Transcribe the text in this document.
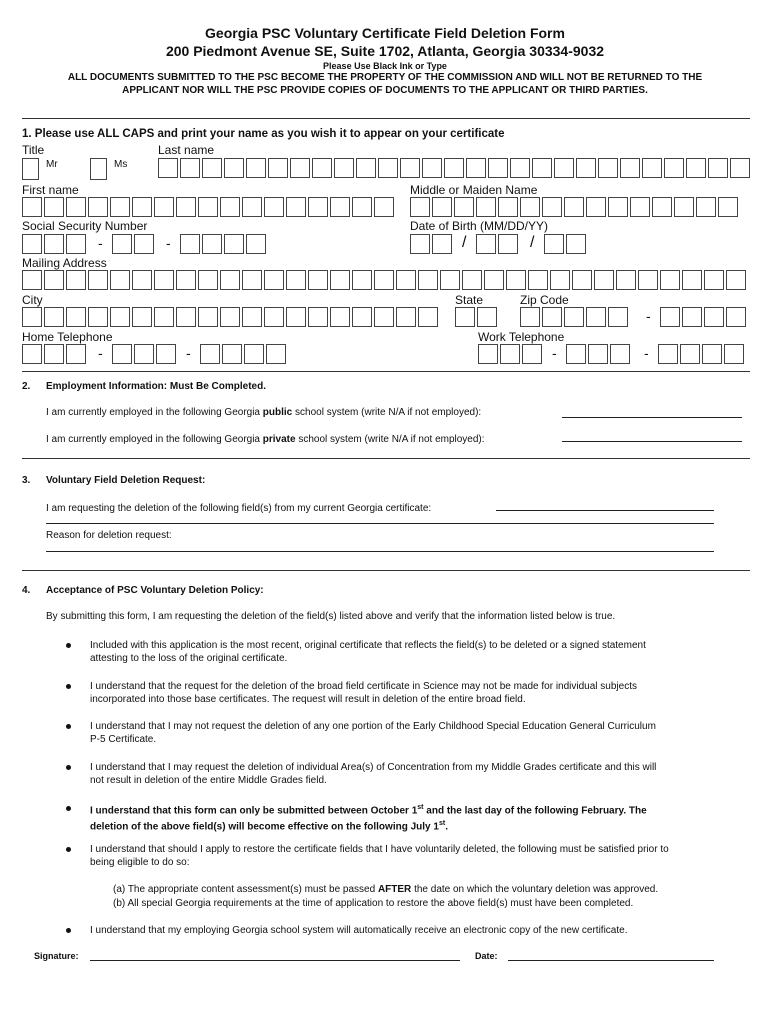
Georgia PSC Voluntary Certificate Field Deletion Form
200 Piedmont Avenue SE, Suite 1702, Atlanta, Georgia 30334-9032
Please Use Black Ink or Type
ALL DOCUMENTS SUBMITTED TO THE PSC BECOME THE PROPERTY OF THE COMMISSION AND WILL NOT BE RETURNED TO THE
APPLICANT NOR WILL THE PSC PROVIDE COPIES OF DOCUMENTS TO THE APPLICANT OR THIRD PARTIES.
1. Please use ALL CAPS and print your name as you wish it to appear on your certificate
Title	Last name
Mr	Ms
First name	Middle or Maiden Name
Social Security Number	Date of Birth (MM/DD/YY)
-	-	/	/
Mailing Address
City	State	Zip Code
-
Home Telephone	Work Telephone
-	-	-	-
2. Employment Information: Must Be Completed.
I am currently employed in the following Georgia public school system (write N/A if not employed):
I am currently employed in the following Georgia private school system (write N/A if not employed):
3. Voluntary Field Deletion Request:
I am requesting the deletion of the following field(s) from my current Georgia certificate:
Reason for deletion request:
4. Acceptance of PSC Voluntary Deletion Policy:
By submitting this form, I am requesting the deletion of the field(s) listed above and verify that the information listed below is true.
Included with this application is the most recent, original certificate that reflects the field(s) to be deleted or a signed statement
attesting to the loss of the original certificate.
I understand that the request for the deletion of the broad field certificate in Science may not be made for individual subjects
incorporated into those base certificates. The request will result in deletion of the entire broad field.
I understand that I may not request the deletion of any one portion of the Early Childhood Special Education General Curriculum
P-5 Certificate.
I understand that I may request the deletion of individual Area(s) of Concentration from my Middle Grades certificate and this will
not result in deletion of the entire Middle Grades field.
I understand that this form can only be submitted between October 1st and the last day of the following February. The
deletion of the above field(s) will become effective on the following July 1st.
I understand that should I apply to restore the certificate fields that I have voluntarily deleted, the following must be satisfied prior to
being eligible to do so:
(a) The appropriate content assessment(s) must be passed AFTER the date on which the voluntary deletion was approved.
(b) All special Georgia requirements at the time of application to restore the above field(s) must have been completed.
I understand that my employing Georgia school system will automatically receive an electronic copy of the new certificate.
Signature:	Date:
